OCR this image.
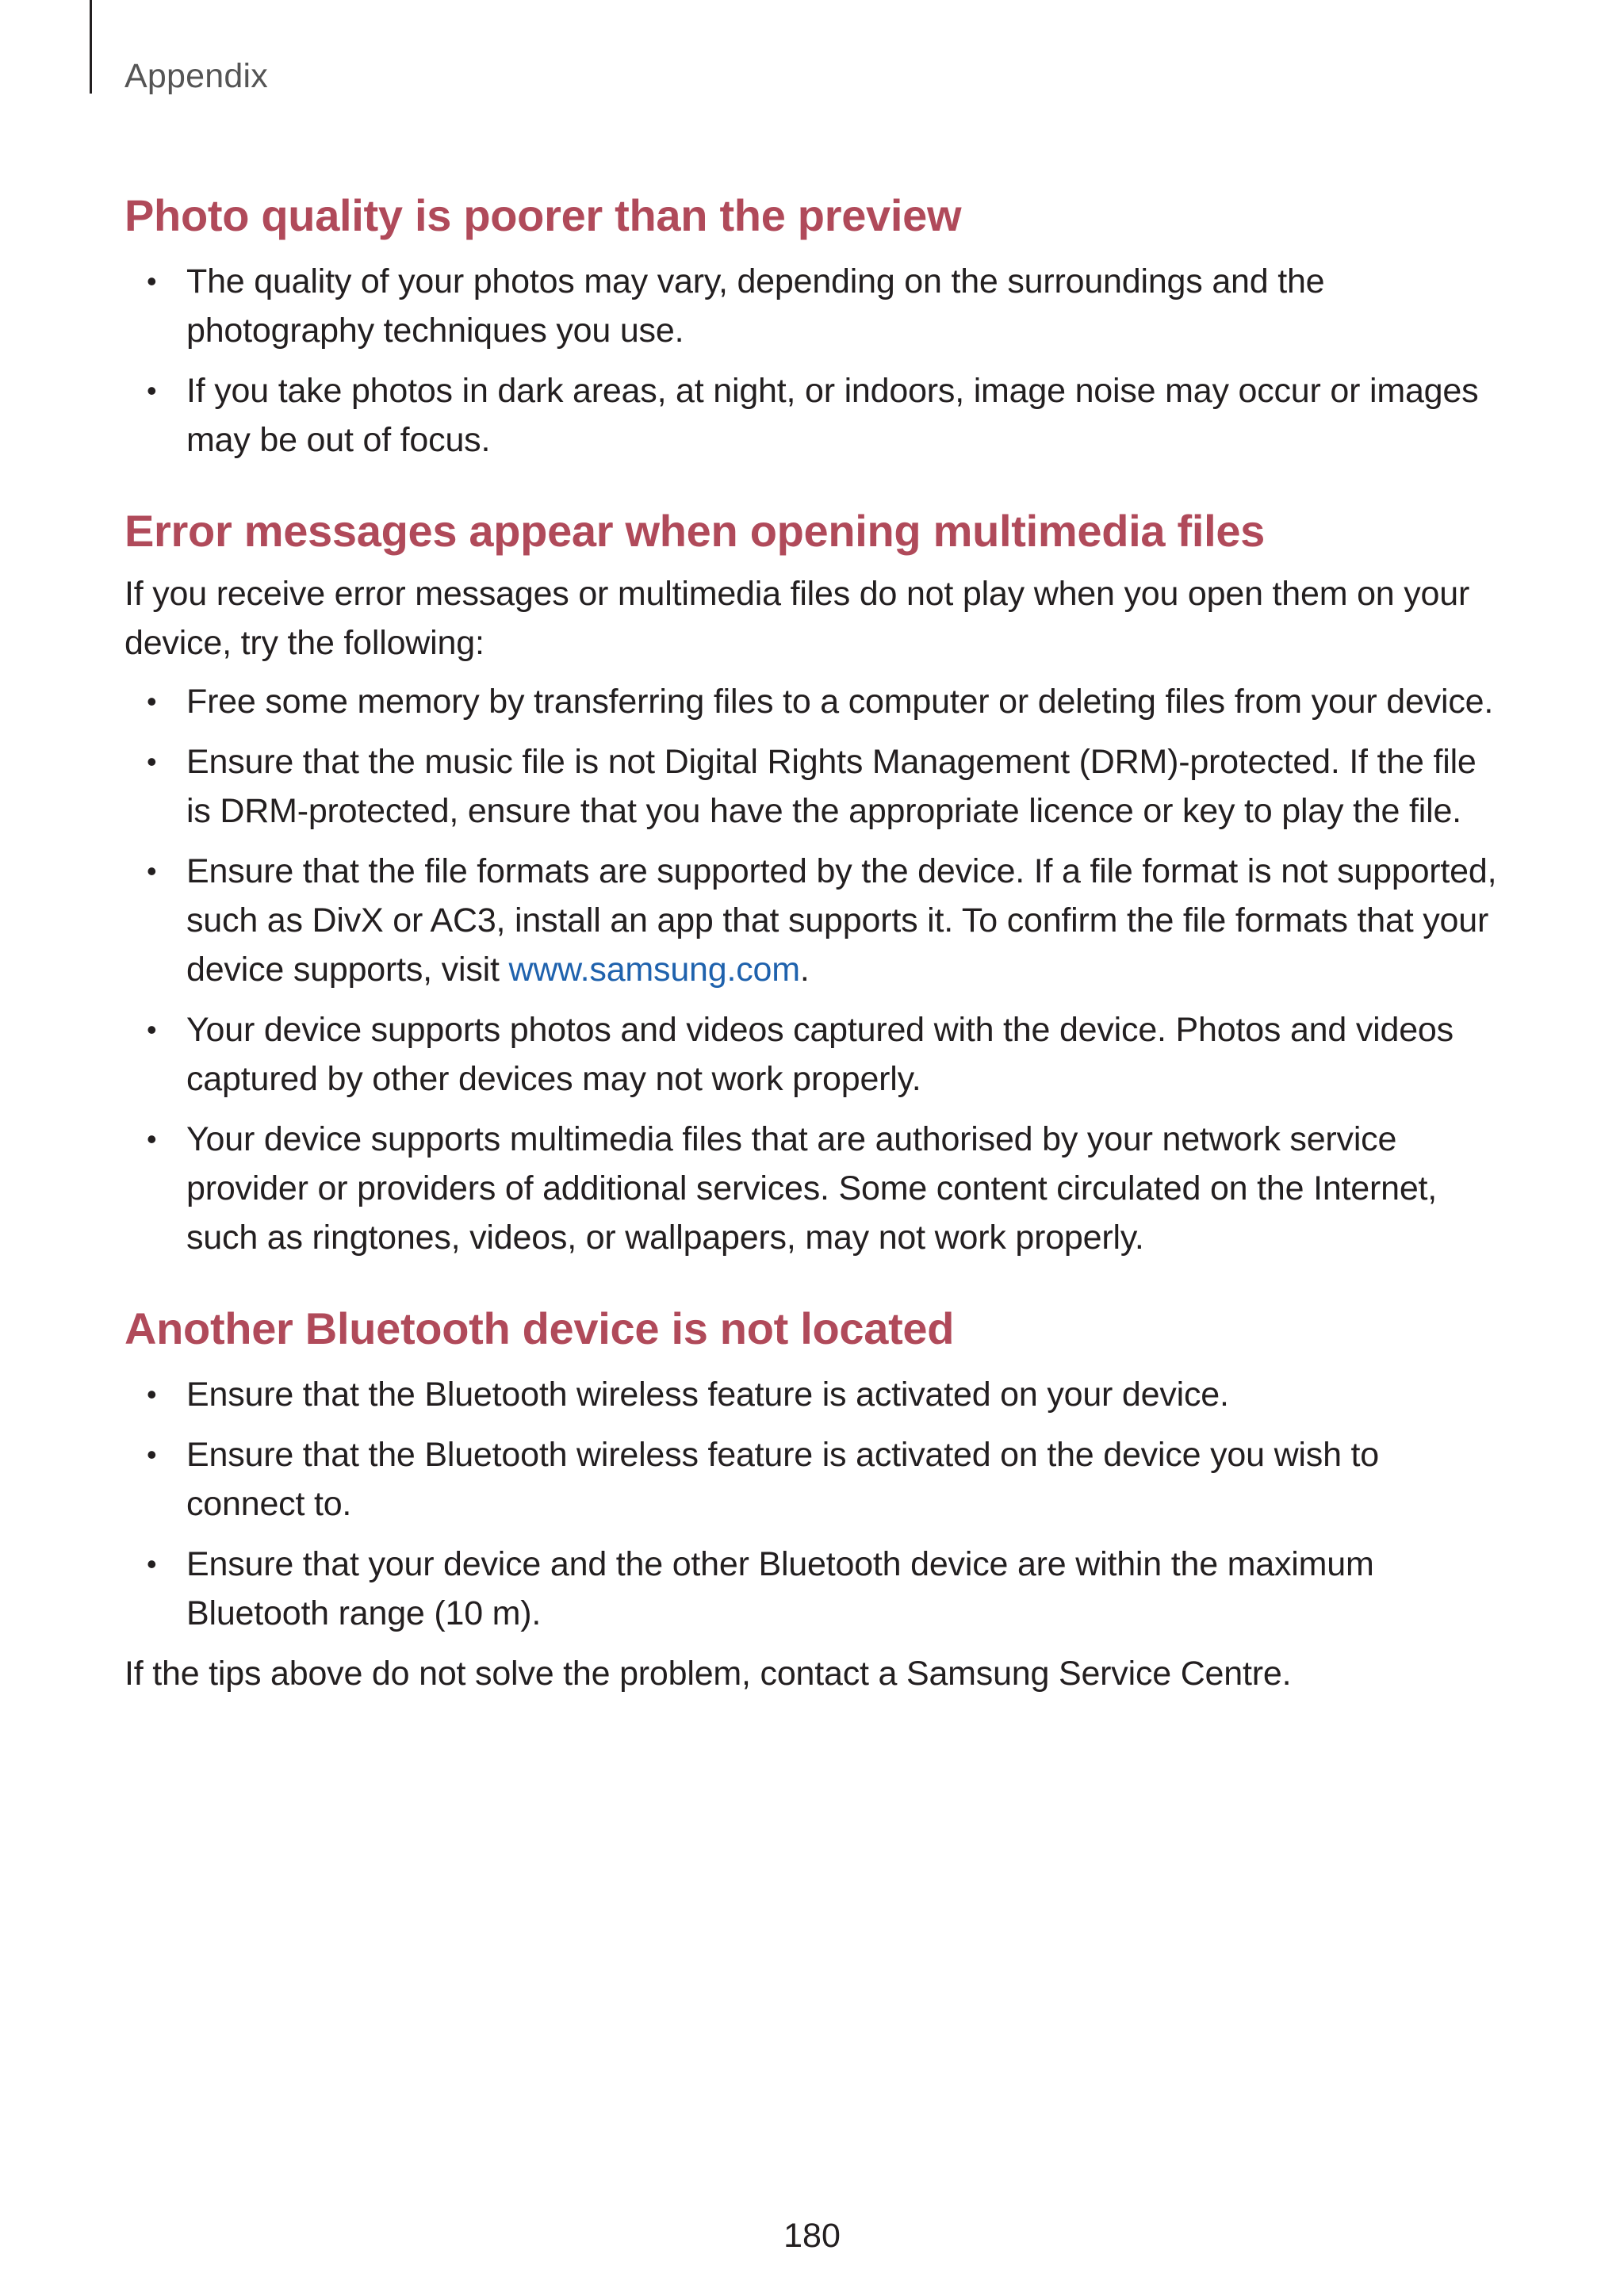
Appendix
Photo quality is poorer than the preview
• The quality of your photos may vary, depending on the surroundings and the photography techniques you use.
• If you take photos in dark areas, at night, or indoors, image noise may occur or images may be out of focus.
Error messages appear when opening multimedia files

If you receive error messages or multimedia files do not play when you open them on your device, try the following:

• Free some memory by transferring files to a computer or deleting files from your device.
• Ensure that the music file is not Digital Rights Management (DRM)-protected. If the file is DRM-protected, ensure that you have the appropriate licence or key to play the file.
• Ensure that the file formats are supported by the device. If a file format is not supported, such as DivX or AC3, install an app that supports it. To confirm the file formats that your device supports, visit www.samsung.com.
• Your device supports photos and videos captured with the device. Photos and videos captured by other devices may not work properly.
• Your device supports multimedia files that are authorised by your network service provider or providers of additional services. Some content circulated on the Internet, such as ringtones, videos, or wallpapers, may not work properly.
Another Bluetooth device is not located
• Ensure that the Bluetooth wireless feature is activated on your device.
• Ensure that the Bluetooth wireless feature is activated on the device you wish to connect to.
• Ensure that your device and the other Bluetooth device are within the maximum Bluetooth range (10 m).

If the tips above do not solve the problem, contact a Samsung Service Centre.

180
